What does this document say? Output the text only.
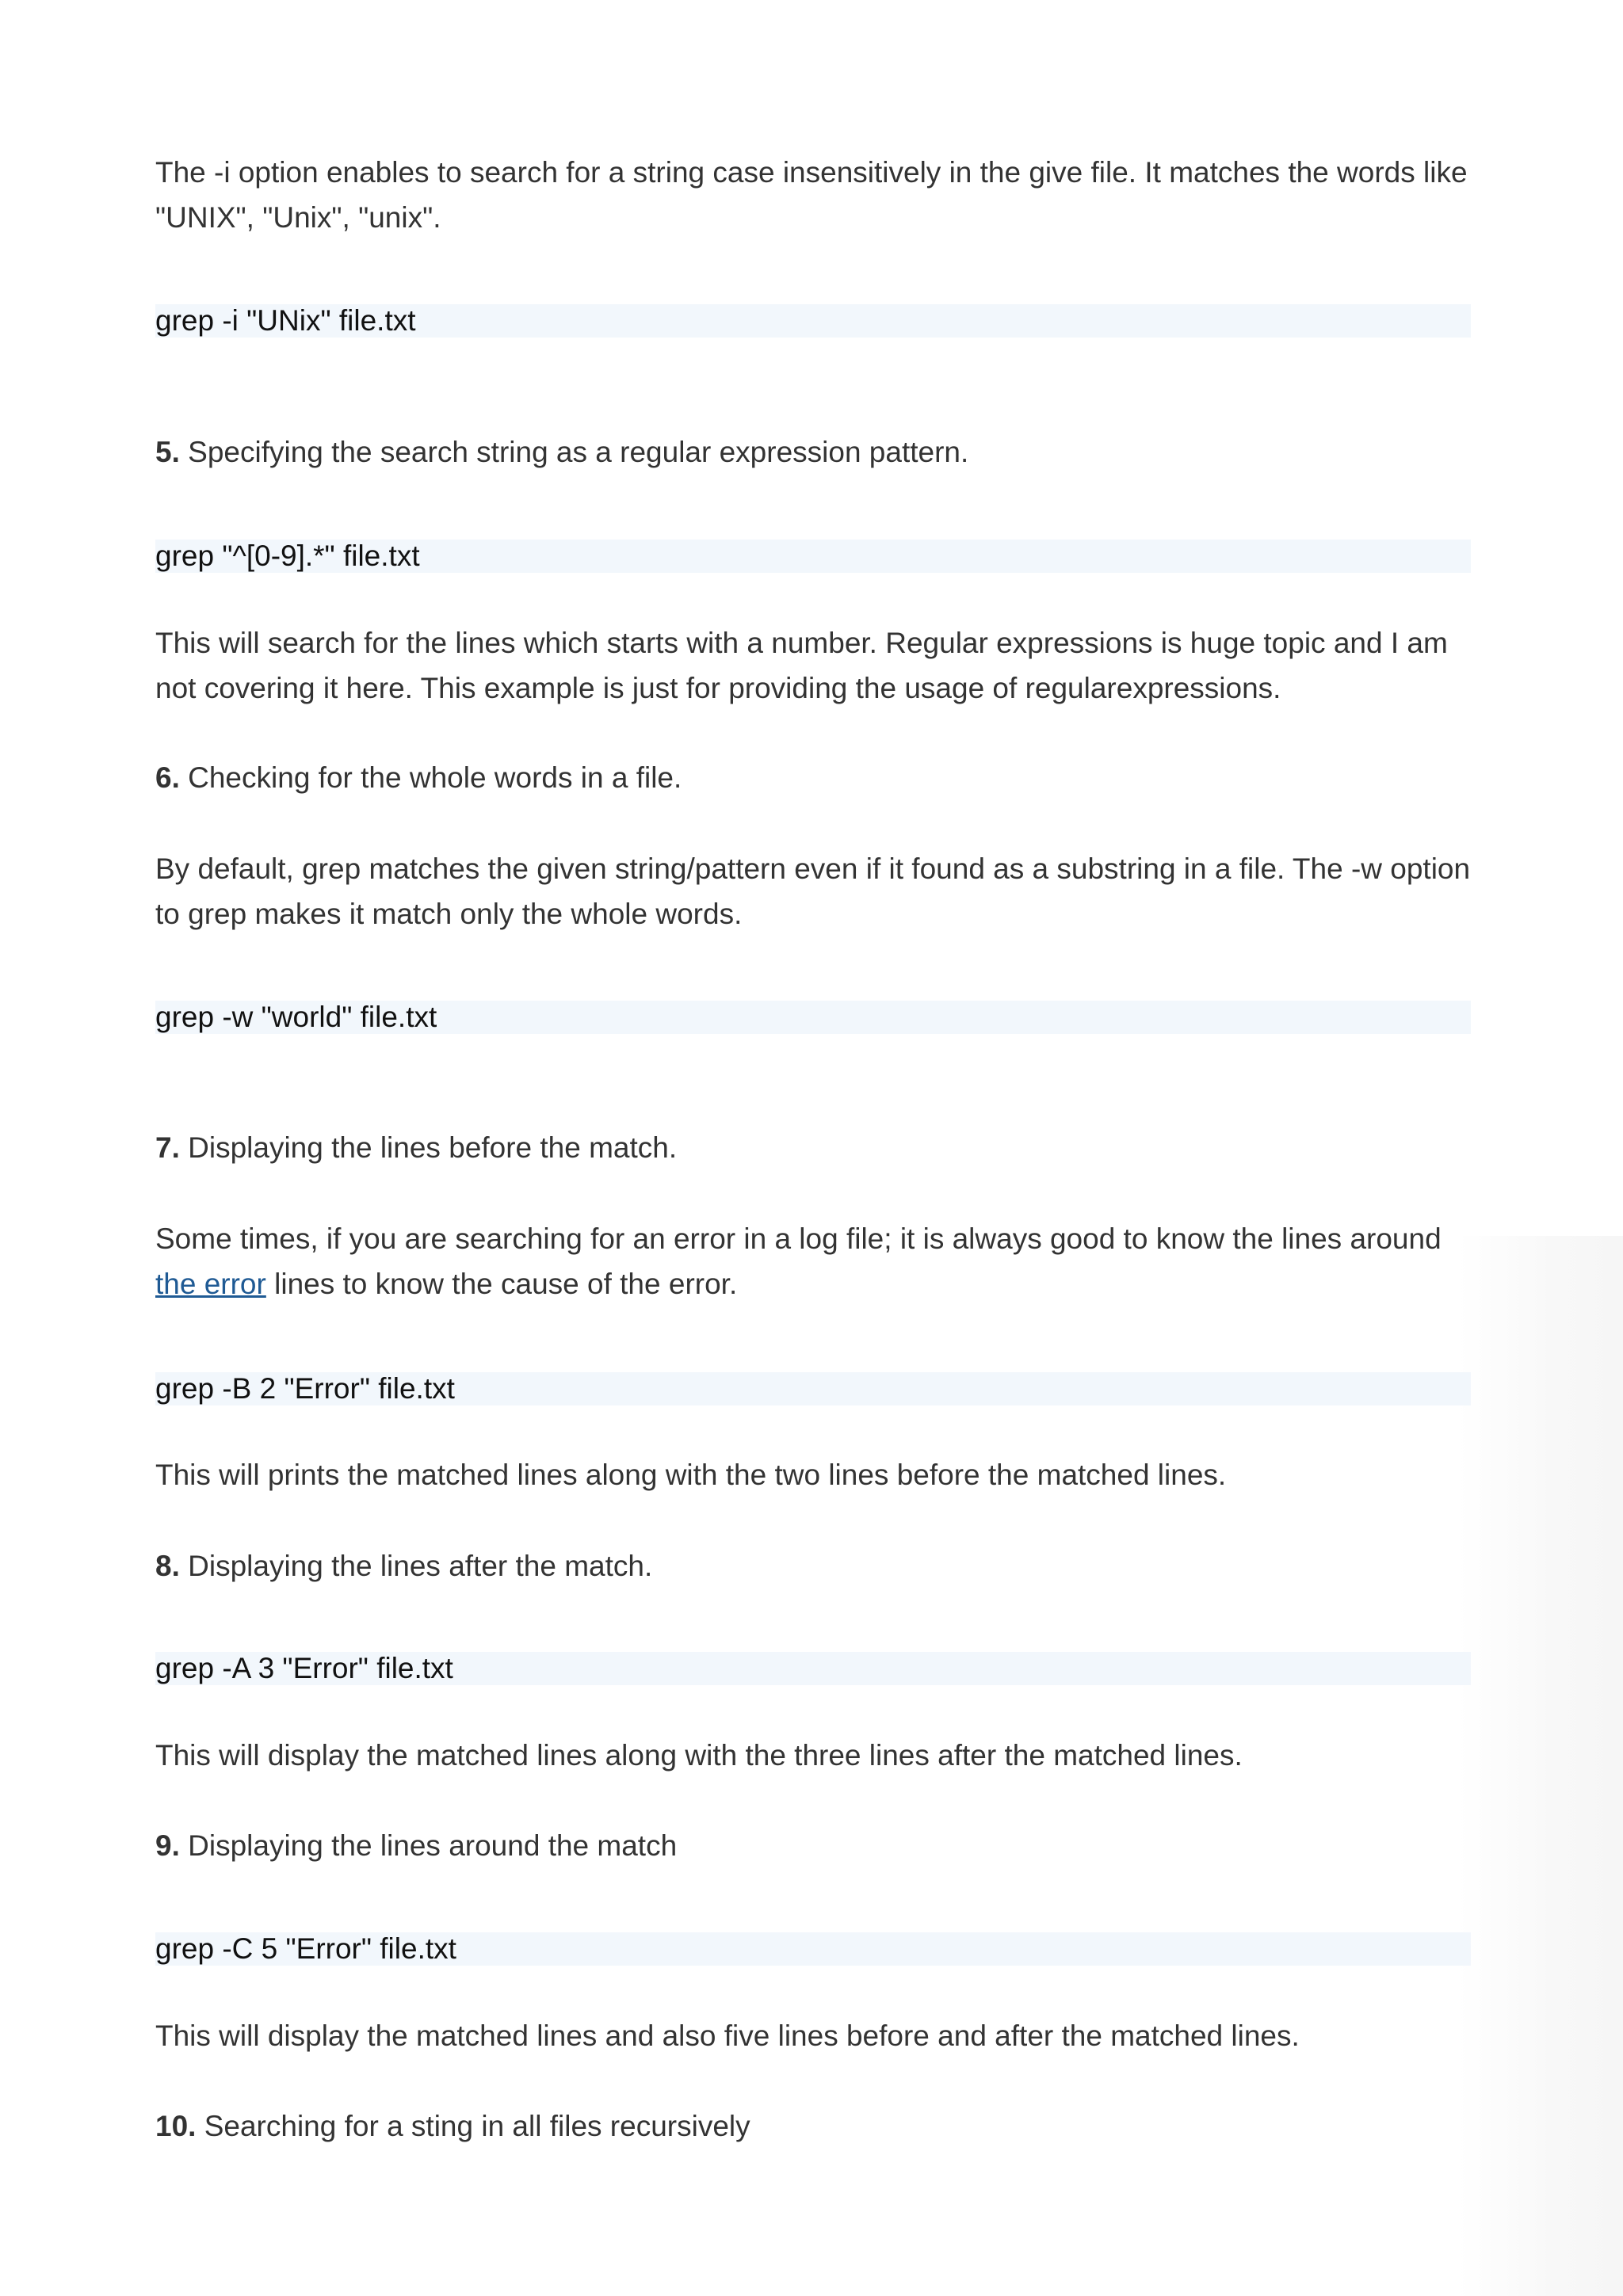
The -i option enables to search for a string case insensitively in the give file. It matches the words like "UNIX", "Unix", "unix".

grep -i "UNix" file.txt

5. Specifying the search string as a regular expression pattern.

grep "^[0-9].*" file.txt

This will search for the lines which starts with a number. Regular expressions is huge topic and I am not covering it here. This example is just for providing the usage of regularexpressions.

6. Checking for the whole words in a file.

By default, grep matches the given string/pattern even if it found as a substring in a file. The -w option to grep makes it match only the whole words.

grep -w "world" file.txt

7. Displaying the lines before the match.

Some times, if you are searching for an error in a log file; it is always good to know the lines around the error lines to know the cause of the error.

grep -B 2 "Error" file.txt

This will prints the matched lines along with the two lines before the matched lines.

8. Displaying the lines after the match.

grep -A 3 "Error" file.txt

This will display the matched lines along with the three lines after the matched lines.

9. Displaying the lines around the match

grep -C 5 "Error" file.txt

This will display the matched lines and also five lines before and after the matched lines.

10. Searching for a sting in all files recursively
